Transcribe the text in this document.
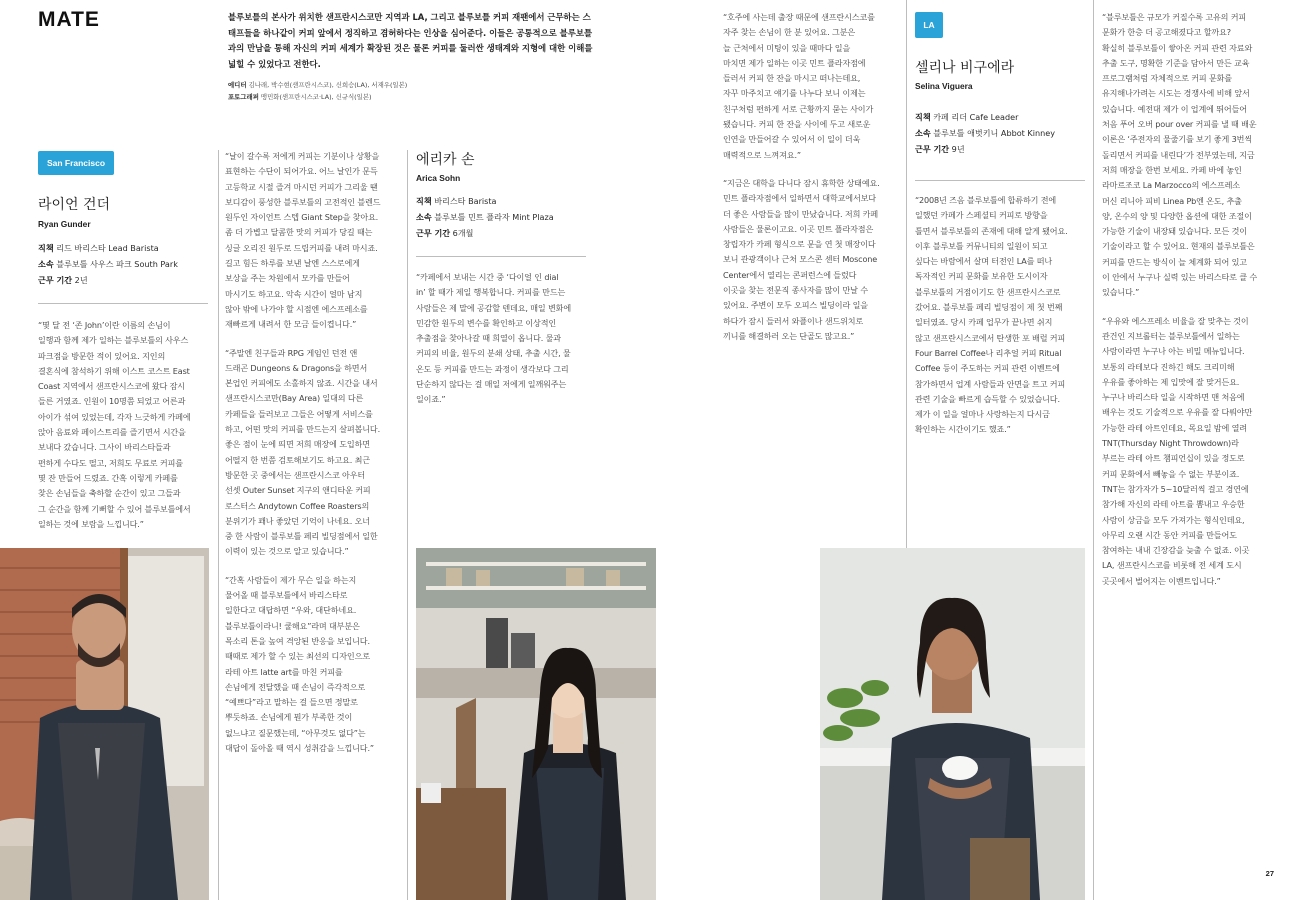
MATE	블루보틀의 본사가 위치한 샌프란시스코만 지역과 LA, 그리고 블루보틀 커피 재팬에서 근무하는 스태프들을 하나같이 커피 앞에서 정직하고 겸허하다는 인상을 심어준다. 이들은 공통적으로 블루보틀과의 만남을 통해 자신의 커피 세계가 확장된 것은 물론 커피를 둘러싼 생태계와 지형에 대한 이해를 넓힐 수 있었다고 전한다.
에디터 김나래, 박수현(샌프란시스코), 신희승(LA), 서재우(일본)
포토그래퍼 맹민화(샌프란시스코·LA), 신규식(일본)
San Francisco
라이언 건더
Ryan Gunder
직책 리드 바리스타 Lead Barista
소속 블루보틀 사우스 파크 South Park
근무 기간 2년
에리카 손
Arica Sohn
직책 바리스타 Barista
소속 블루보틀 민트 플라자 Mint Plaza
근무 기간 6개월
LA
셀리나 비구에라
Selina Viguera
직책 카페 리더 Cafe Leader
소속 블루보틀 애벗키니 Abbot Kinney
근무 기간 9년

“몇 달 전 ‘존 John’이란 이름의 손님이
일행과 함께 제가 일하는 블루보틀의 사우스
파크점을 방문한 적이 있어요. 지인의
결혼식에 참석하기 위해 이스트 코스트 East
Coast 지역에서 샌프란시스코에 왔다 잠시
들른 거였죠. 인원이 10명쯤 되었고 어른과
아이가 섞여 있었는데, 각자 느긋하게 카페에
앉아 음료와 페이스트리를 즐기면서 시간을
보내다 갔습니다. 그사이 바리스타들과
편하게 수다도 떨고, 저희도 무료로 커피를
몇 잔 만들어 드렸죠. 간혹 이렇게 카페를
찾은 손님들을 축하할 순간이 있고 그들과
그 순간을 함께 기뻐할 수 있어 블루보틀에서
일하는 것에 보람을 느낍니다.”

“날이 갈수록 저에게 커피는 기분이나 상황을
표현하는 수단이 되어가요. 어느 날인가 문득
고등학교 시절 즐겨 마시던 커피가 그리울 땐
보디감이 풍성한 블루보틀의 고전적인 블렌드
원두인 자이언트 스텝 Giant Step을 찾아요.
좀 더 가볍고 달콤한 맛의 커피가 당길 때는
싱글 오리진 원두로 드립커피를 내려 마시죠.
길고 힘든 하루를 보낸 날엔 스스로에게
보상을 주는 차원에서 모카를 만들어
마시기도 하고요. 악속 시간이 얼마 남지
않아 밖에 나가야 할 시점엔 에스프레소를
재빠르게 내려서 한 모금 들이켭니다.”

“주말엔 친구들과 RPG 게임인 던전 앤
드래곤 Dungeons & Dragons을 하면서
본업인 커피에도 소홀하지 않죠. 시간을 내서
샌프란시스코만(Bay Area) 일대의 다른
카페들을 들러보고 그들은 어떻게 서비스를
하고, 어떤 맛의 커피를 만드는지 살펴봅니다.
좋은 점이 눈에 띄면 저희 매장에 도입하면
어떨지 한 번쯤 검토해보기도 하고요. 최근
방문한 곳 중에서는 샌프란시스코 아우터
선셋 Outer Sunset 지구의 앤디타운 커피
로스터스 Andytown Coffee Roasters의
분위기가 꽤나 좋았던 기억이 나네요. 오너
중 한 사람이 블루보틀 페리 빌딩점에서 일한
이력이 있는 것으로 알고 있습니다.”

“간혹 사람들이 제가 무슨 일을 하는지
물어올 때 블루보틀에서 바리스타로
일한다고 대답하면 “우와, 대단하네요.
블루보틀이라니! 쿨해요”라며 대부분은
목소리 톤을 높여 격앙된 반응을 보입니다.
때때로 제가 할 수 있는 최선의 디자인으로
라테 아트 latte art를 마친 커피를
손님에게 전달했을 때 손님이 즉각적으로
“예쁘다”라고 말하는 걸 들으면 정말로
뿌듯하죠. 손님에게 뭔가 부족한 것이
없느냐고 질문했는데, “아무것도 없다”는
대답이 돌아올 때 역시 성취감을 느낍니다.”

“카페에서 보내는 시간 중 ‘다이얼 인 dial
in’ 할 때가 제일 행복합니다. 커피를 만드는
사람들은 제 말에 공감할 텐데요, 매일 변화에
민감한 원두의 변수를 확인하고 이상적인
추출점을 찾아나갈 때 희열이 옵니다. 물과
커피의 비율, 원두의 분쇄 상태, 추출 시간, 물
온도 등 커피를 만드는 과정이 생각보다 그리
단순하지 않다는 걸 매일 저에게 일깨워주는
일이죠.”

“호주에 사는데 출장 때문에 샌프란시스코를
자주 찾는 손님이 한 분 있어요. 그분은
늘 근처에서 미팅이 있을 때마다 일을
마치면 제가 일하는 이곳 민트 플라자점에
들러서 커피 한 잔을 마시고 떠나는데요,
자꾸 마주치고 얘기를 나누다 보니 이제는
친구처럼 편하게 서로 근황까지 묻는 사이가
됐습니다. 커피 한 잔을 사이에 두고 새로운
인연을 만들어갈 수 있어서 이 일이 더욱
매력적으로 느껴져요.”

“지금은 대학을 다니다 잠시 휴학한 상태예요.
민트 플라자점에서 일하면서 대학교에서보다
더 좋은 사람들을 많이 만났습니다. 저희 카페
사람들은 물론이고요. 이곳 민트 플라자점은
창립자가 카페 형식으로 문을 연 첫 매장이다
보니 관광객이나 근처 모스콘 센터 Moscone
Center에서 열리는 콘퍼런스에 들렀다
이곳을 찾는 전문직 종사자를 많이 만날 수
있어요. 주변이 모두 오피스 빌딩이라 일을
하다가 잠시 들러서 와플이나 샌드위치로
끼니를 해결하러 오는 단골도 많고요.”

“2008년 즈음 블루보틀에 합류하기 전에
일했던 카페가 스페셜티 커피로 방향을
틀면서 블루보틀의 존재에 대해 알게 됐어요.
이후 블루보틀 커뮤니티의 일원이 되고
싶다는 바람에서 살며 터전인 LA를 떠나
독자적인 커피 문화를 보유한 도시이자
블루보틀의 거점이기도 한 샌프란시스코로
갔어요. 블루보틀 페리 빌딩점이 제 첫 번째
일터였죠. 당시 카페 업무가 끝나면 쉬지
않고 샌프란시스코에서 탄생한 포 배럴 커피
Four Barrel Coffee나 리추얼 커피 Ritual
Coffee 등이 주도하는 커피 관련 이벤트에
참가하면서 업계 사람들과 안면을 트고 커피
관련 기술을 빠르게 습득할 수 있었습니다.
제가 이 일을 얼마나 사랑하는지 다시금
확인하는 시간이기도 했죠.”

“블루보틀은 규모가 커질수록 고유의 커피
문화가 한층 더 공고해졌다고 할까요?
확실히 블루보틀이 쌓아온 커피 관련 자료와
추출 도구, 명확한 기준을 담아서 만든 교육
프로그램처럼 자체적으로 커피 문화를
유지해나가려는 시도는 경쟁사에 비해 앞서
있습니다. 예전대 제가 이 업계에 뛰어들어
처음 푸어 오버 pour over 커피를 낼 때 배운
이론은 ‘주전자의 물줄기를 보기 좋게 3번씩
돌리면서 커피를 내린다’가 전부였는데, 지금
저희 매장을 한번 보세요. 카페 바에 놓인
라마르조코 La Marzocco의 에스프레소
머신 리니아 피비 Linea Pb엔 온도, 추출
양, 온수의 양 및 다양한 옵션에 대한 조절이
가능한 기술이 내장돼 있습니다. 모든 것이
기술이라고 할 수 있어요. 현재의 블루보틀은
커피를 만드는 방식이 늘 체계화 되어 있고
이 안에서 누구나 실력 있는 바리스타로 클 수
있습니다.”

“우유와 에스프레소 비율을 잘 맞추는 것이
관건인 지브롤터는 블루보틀에서 일하는
사람이라면 누구나 아는 비밀 메뉴입니다.
보통의 라테보다 진하긴 해도 크리미해
우유를 좋아하는 제 입맛에 잘 맞거든요.
누구나 바리스타 일을 시작하면 맨 처음에
배우는 것도 기술적으로 우유를 잘 다뤄야만
가능한 라테 아트인데요, 목요일 밤에 열려
TNT(Thursday Night Throwdown)라
부르는 라테 아트 챔피언십이 있을 정도로
커피 문화에서 빼놓을 수 없는 부분이죠.
TNT는 참가자가 5~10달러씩 걸고 경연에
참가해 자신의 라테 아트를 뽐내고 우승한
사람이 상금을 모두 가져가는 형식인데요,
아무리 오랜 시간 동안 커피를 만들어도
참여하는 내내 긴장감을 늦출 수 없죠. 이곳
LA, 샌프란시스코를 비롯해 전 세계 도시
곳곳에서 벌어지는 이벤트입니다.”

27
